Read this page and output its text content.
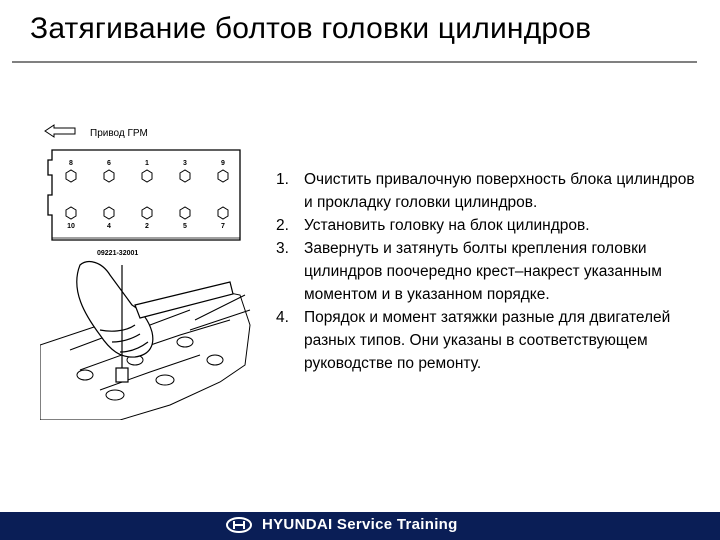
Затягивание болтов головки цилиндров
Привод ГРМ
8	6	1	3	9
10	4	2	5	7
09221-32001
1. Очистить привалочную поверхность блока цилиндров и прокладку головки цилиндров.
2. Установить головку на блок цилиндров.
3. Завернуть и затянуть болты крепления головки цилиндров поочередно крест–накрест указанным моментом и в указанном порядке.
4. Порядок и момент затяжки разные для двигателей разных типов. Они указаны в соответствующем руководстве по ремонту.
HYUNDAI Service Training
